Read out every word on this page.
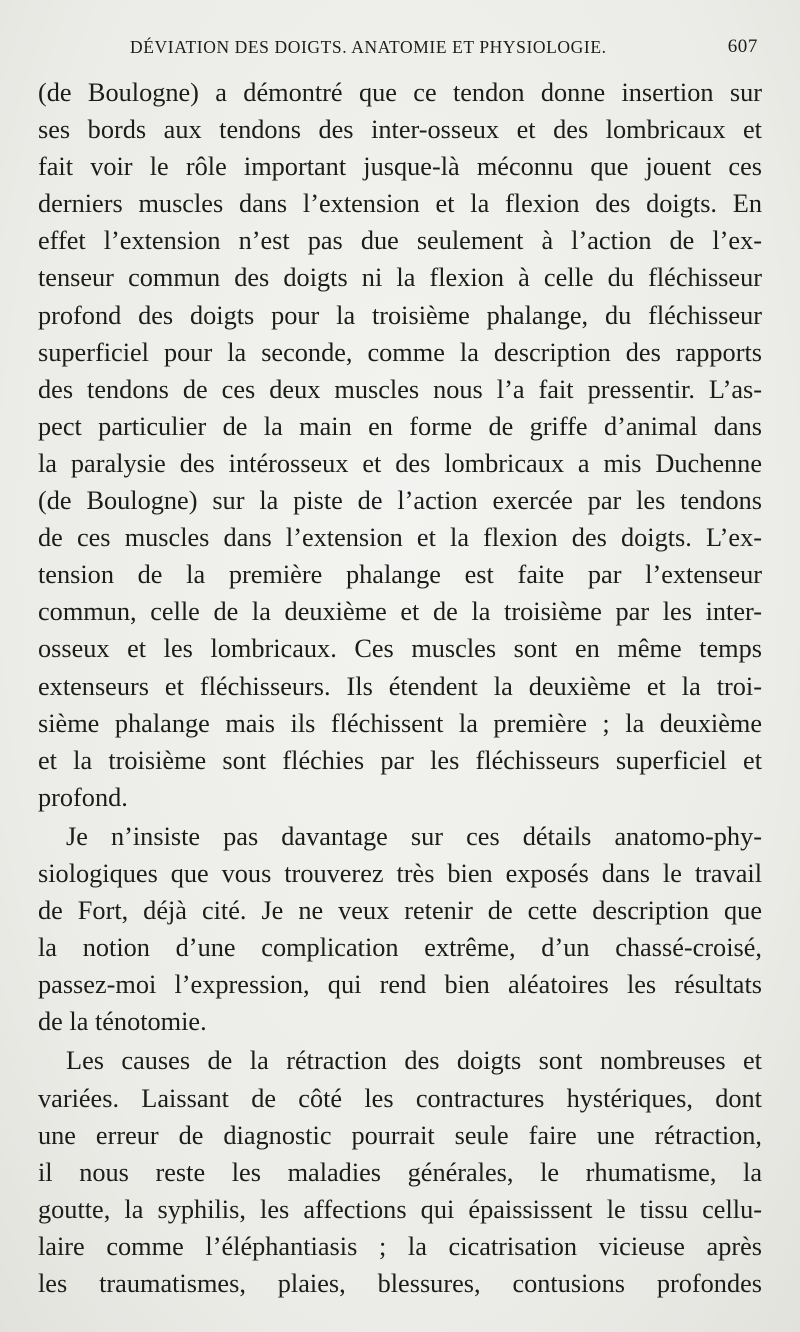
DÉVIATION DES DOIGTS. ANATOMIE ET PHYSIOLOGIE.	607
(de Boulogne) a démontré que ce tendon donne insertion sur
ses bords aux tendons des inter-osseux et des lombricaux et
fait voir le rôle important jusque-là méconnu que jouent ces
derniers muscles dans l’extension et la flexion des doigts. En
effet l’extension n’est pas due seulement à l’action de l’ex-
tenseur commun des doigts ni la flexion à celle du fléchisseur
profond des doigts pour la troisième phalange, du fléchisseur
superficiel pour la seconde, comme la description des rapports
des tendons de ces deux muscles nous l’a fait pressentir. L’as-
pect particulier de la main en forme de griffe d’animal dans
la paralysie des intérosseux et des lombricaux a mis Duchenne
(de Boulogne) sur la piste de l’action exercée par les tendons
de ces muscles dans l’extension et la flexion des doigts. L’ex-
tension de la première phalange est faite par l’extenseur
commun, celle de la deuxième et de la troisième par les inter-
osseux et les lombricaux. Ces muscles sont en même temps
extenseurs et fléchisseurs. Ils étendent la deuxième et la troi-
sième phalange mais ils fléchissent la première ; la deuxième
et la troisième sont fléchies par les fléchisseurs superficiel et
profond.
Je n’insiste pas davantage sur ces détails anatomo-phy-
siologiques que vous trouverez très bien exposés dans le travail
de Fort, déjà cité. Je ne veux retenir de cette description que
la notion d’une complication extrême, d’un chassé-croisé,
passez-moi l’expression, qui rend bien aléatoires les résultats
de la ténotomie.
Les causes de la rétraction des doigts sont nombreuses et
variées. Laissant de côté les contractures hystériques, dont
une erreur de diagnostic pourrait seule faire une rétraction,
il nous reste les maladies générales, le rhumatisme, la
goutte, la syphilis, les affections qui épaississent le tissu cellu-
laire comme l’éléphantiasis ; la cicatrisation vicieuse après
les traumatismes, plaies, blessures, contusions profondes
